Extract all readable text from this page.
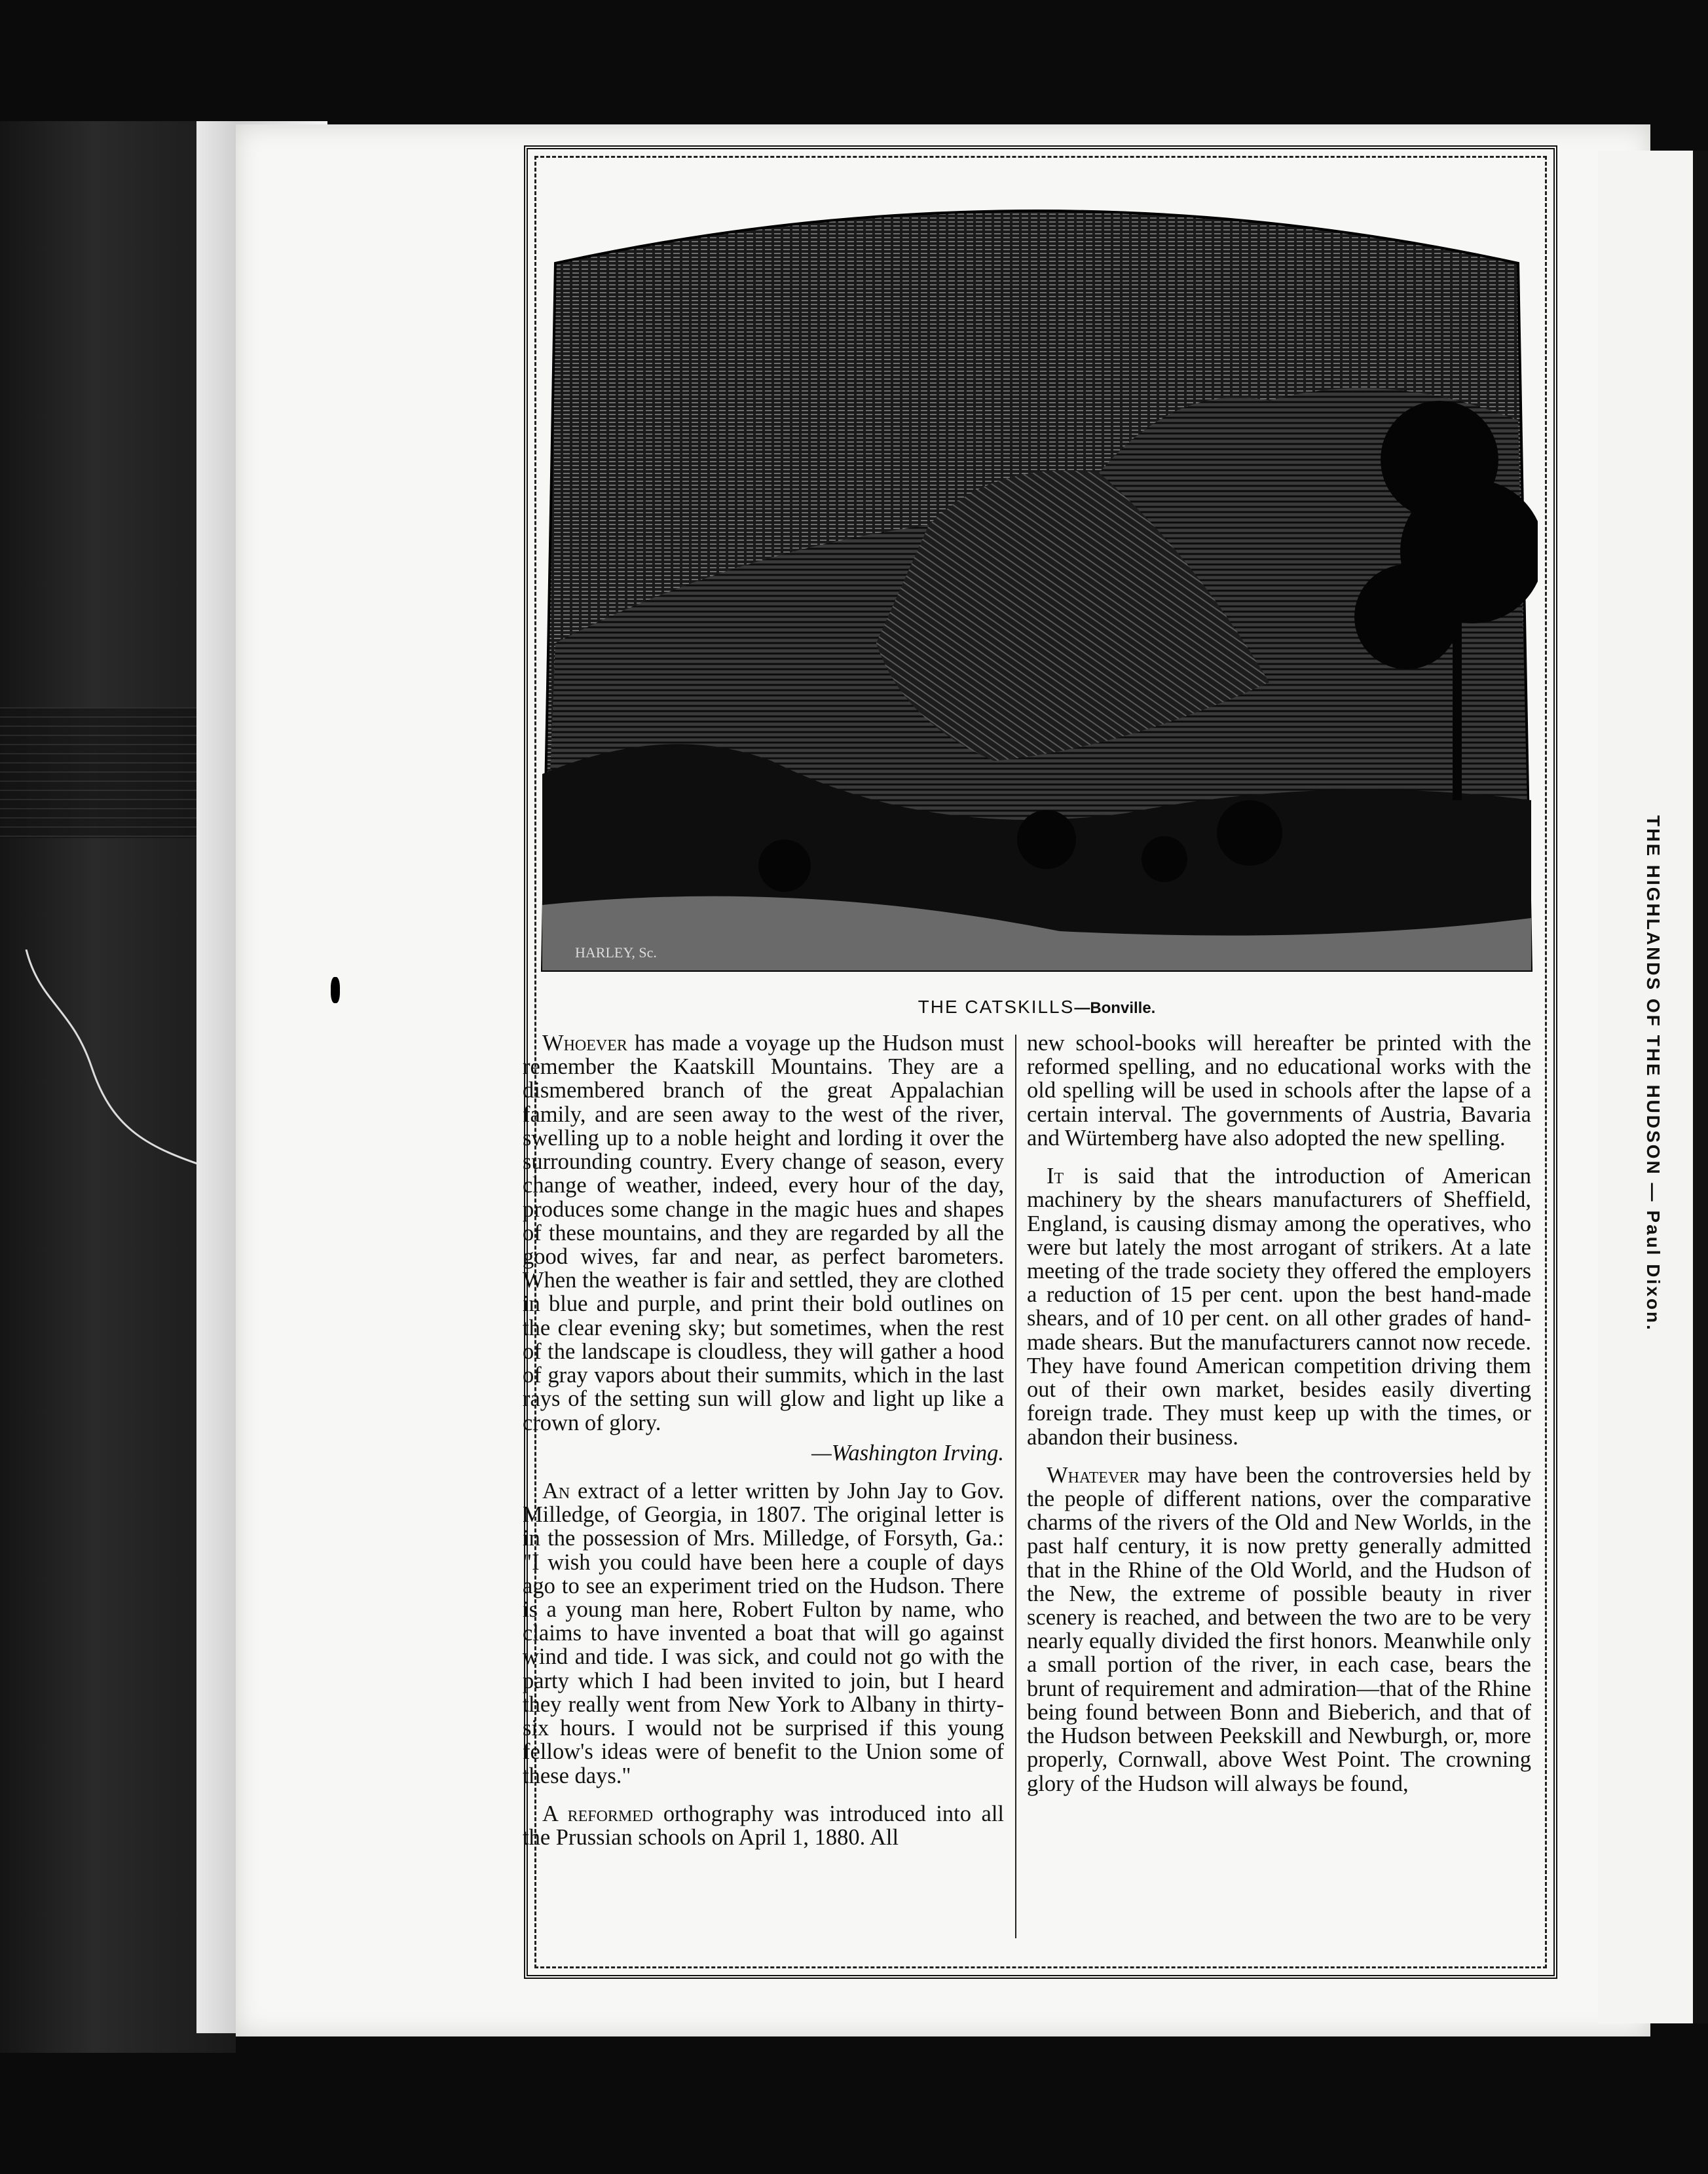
HARLEY, Sc.
THE CATSKILLS—Bonville.

Whoever has made a voyage up the Hudson must remember the Kaatskill Mountains. They are a dismembered branch of the great Appalachian family, and are seen away to the west of the river, swelling up to a noble height and lording it over the surrounding country. Every change of season, every change of weather, indeed, every hour of the day, produces some change in the magic hues and shapes of these mountains, and they are regarded by all the good wives, far and near, as perfect barometers. When the weather is fair and settled, they are clothed in blue and purple, and print their bold outlines on the clear evening sky; but sometimes, when the rest of the landscape is cloudless, they will gather a hood of gray vapors about their summits, which in the last rays of the setting sun will glow and light up like a crown of glory.

—Washington Irving.

An extract of a letter written by John Jay to Gov. Milledge, of Georgia, in 1807. The original letter is in the possession of Mrs. Milledge, of Forsyth, Ga.: "I wish you could have been here a couple of days ago to see an experiment tried on the Hudson. There is a young man here, Robert Fulton by name, who claims to have invented a boat that will go against wind and tide. I was sick, and could not go with the party which I had been invited to join, but I heard they really went from New York to Albany in thirty-six hours. I would not be surprised if this young fellow's ideas were of benefit to the Union some of these days."

A reformed orthography was introduced into all the Prussian schools on April 1, 1880. All

new school-books will hereafter be printed with the reformed spelling, and no educational works with the old spelling will be used in schools after the lapse of a certain interval. The governments of Austria, Bavaria and Würtemberg have also adopted the new spelling.

It is said that the introduction of American machinery by the shears manufacturers of Sheffield, England, is causing dismay among the operatives, who were but lately the most arrogant of strikers. At a late meeting of the trade society they offered the employers a reduction of 15 per cent. upon the best hand-made shears, and of 10 per cent. on all other grades of hand-made shears. But the manufacturers cannot now recede. They have found American competition driving them out of their own market, besides easily diverting foreign trade. They must keep up with the times, or abandon their business.

Whatever may have been the controversies held by the people of different nations, over the comparative charms of the rivers of the Old and New Worlds, in the past half century, it is now pretty generally admitted that in the Rhine of the Old World, and the Hudson of the New, the extreme of possible beauty in river scenery is reached, and between the two are to be very nearly equally divided the first honors. Meanwhile only a small portion of the river, in each case, bears the brunt of requirement and admiration—that of the Rhine being found between Bonn and Bieberich, and that of the Hudson between Peekskill and Newburgh, or, more properly, Cornwall, above West Point. The crowning glory of the Hudson will always be found,

THE HIGHLANDS OF THE HUDSON — Paul Dixon.
